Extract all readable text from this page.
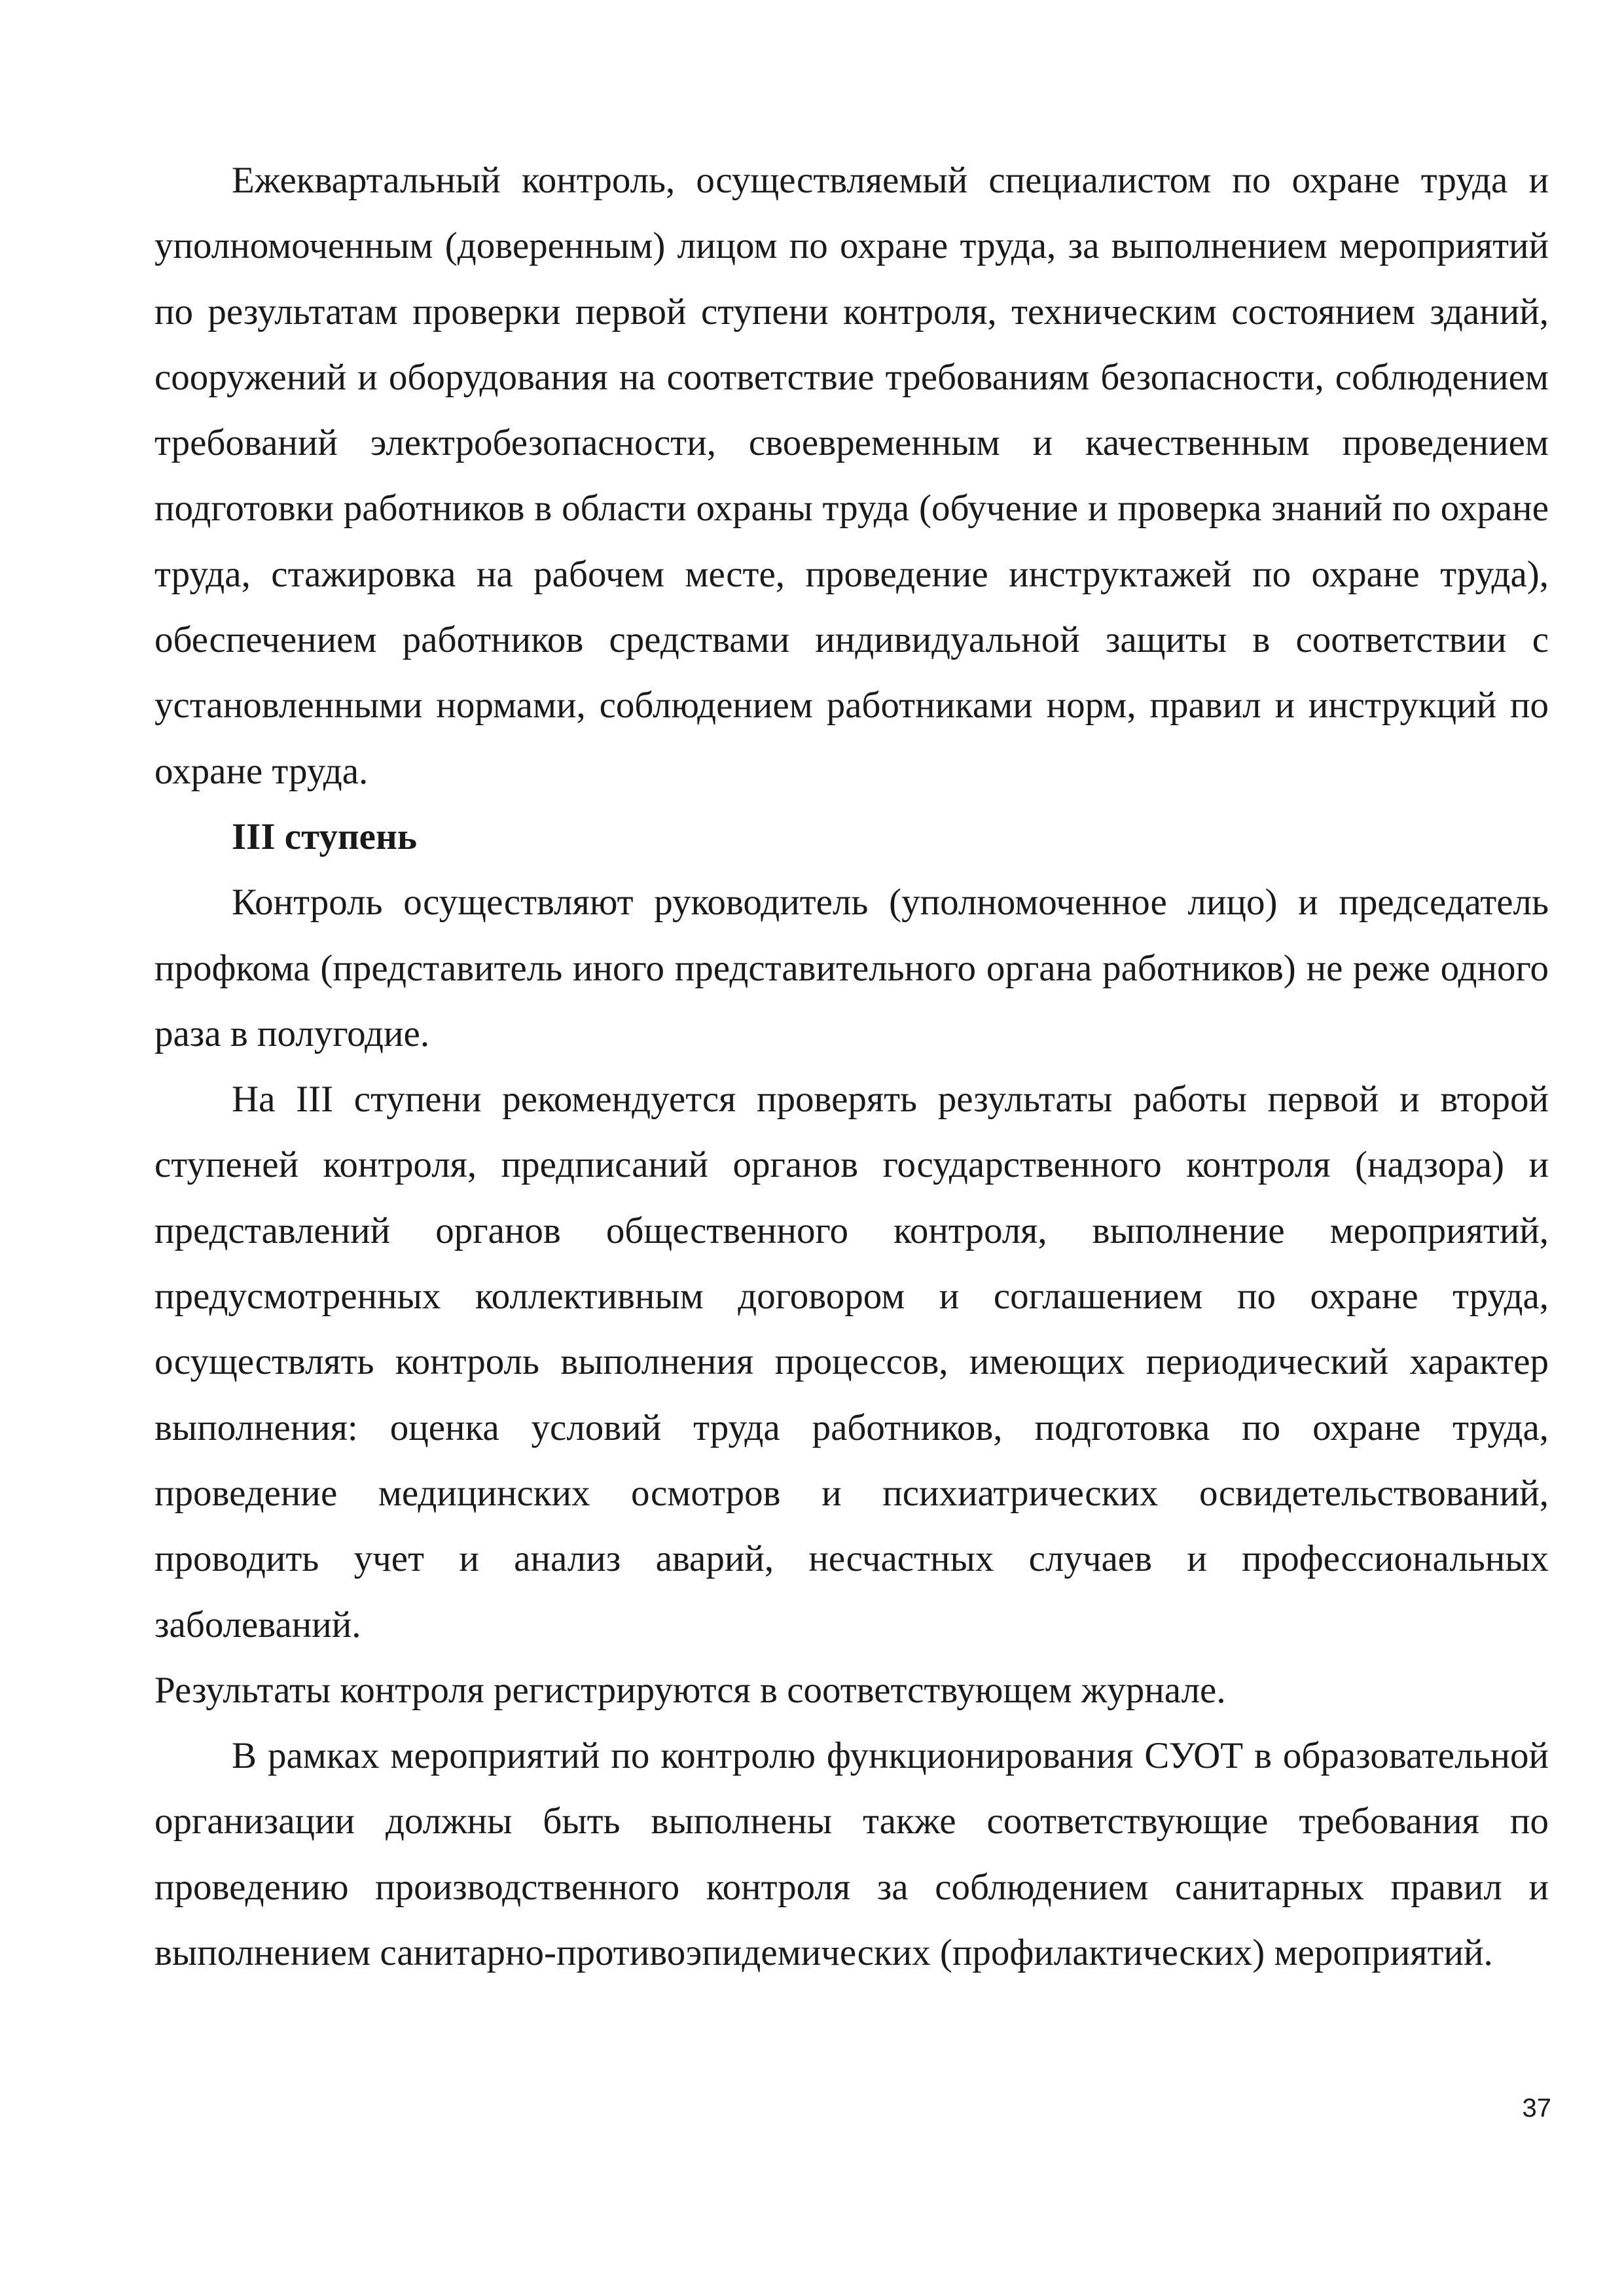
Ежеквартальный контроль, осуществляемый специалистом по охране труда и уполномоченным (доверенным) лицом по охране труда, за выполнением мероприятий по результатам проверки первой ступени контроля, техническим состоянием зданий, сооружений и оборудования на соответствие требованиям безопасности, соблюдением требований электробезопасности, своевременным и качественным проведением подготовки работников в области охраны труда (обучение и проверка знаний по охране труда, стажировка на рабочем месте, проведение инструктажей по охране труда), обеспечением работников средствами индивидуальной защиты в соответствии с установленными нормами, соблюдением работниками норм, правил и инструкций по охране труда.

III ступень

Контроль осуществляют руководитель (уполномоченное лицо) и председатель профкома (представитель иного представительного органа работников) не реже одного раза в полугодие.

На III ступени рекомендуется проверять результаты работы первой и второй ступеней контроля, предписаний органов государственного контроля (надзора) и представлений органов общественного контроля, выполнение мероприятий, предусмотренных коллективным договором и соглашением по охране труда, осуществлять контроль выполнения процессов, имеющих периодический характер выполнения: оценка условий труда работников, подготовка по охране труда, проведение медицинских осмотров и психиатрических освидетельствований, проводить учет и анализ аварий, несчастных случаев и профессиональных заболеваний.

Результаты контроля регистрируются в соответствующем журнале.

В рамках мероприятий по контролю функционирования СУОТ в образовательной организации должны быть выполнены также соответствующие требования по проведению производственного контроля за соблюдением санитарных правил и выполнением санитарно-противоэпидемических (профилактических) мероприятий.

37
